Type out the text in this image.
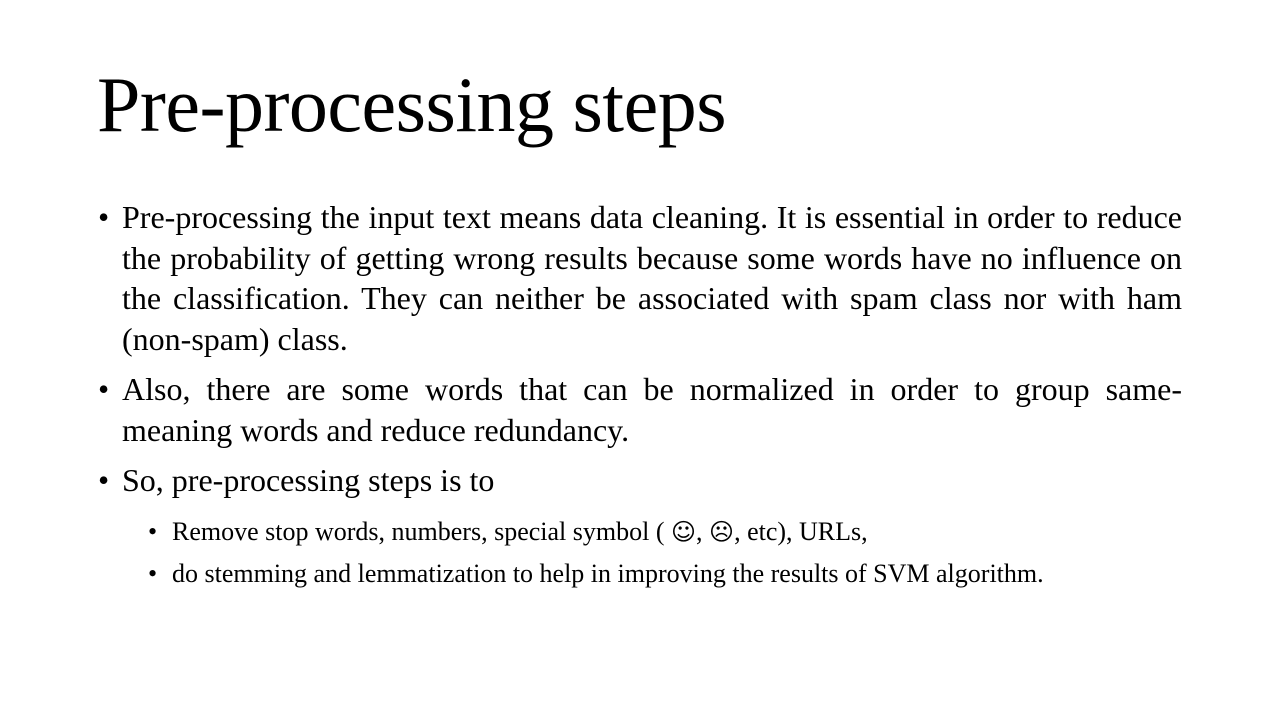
Pre-processing steps
• Pre-processing the input text means data cleaning. It is essential in order to reduce the probability of getting wrong results because some words have no influence on the classification. They can neither be associated with spam class nor with ham (non-spam) class.
• Also, there are some words that can be normalized in order to group same-meaning words and reduce redundancy.
• So, pre-processing steps is to
• Remove stop words, numbers, special symbol ( ☺, ☹, etc), URLs,
• do stemming and lemmatization to help in improving the results of SVM algorithm.
